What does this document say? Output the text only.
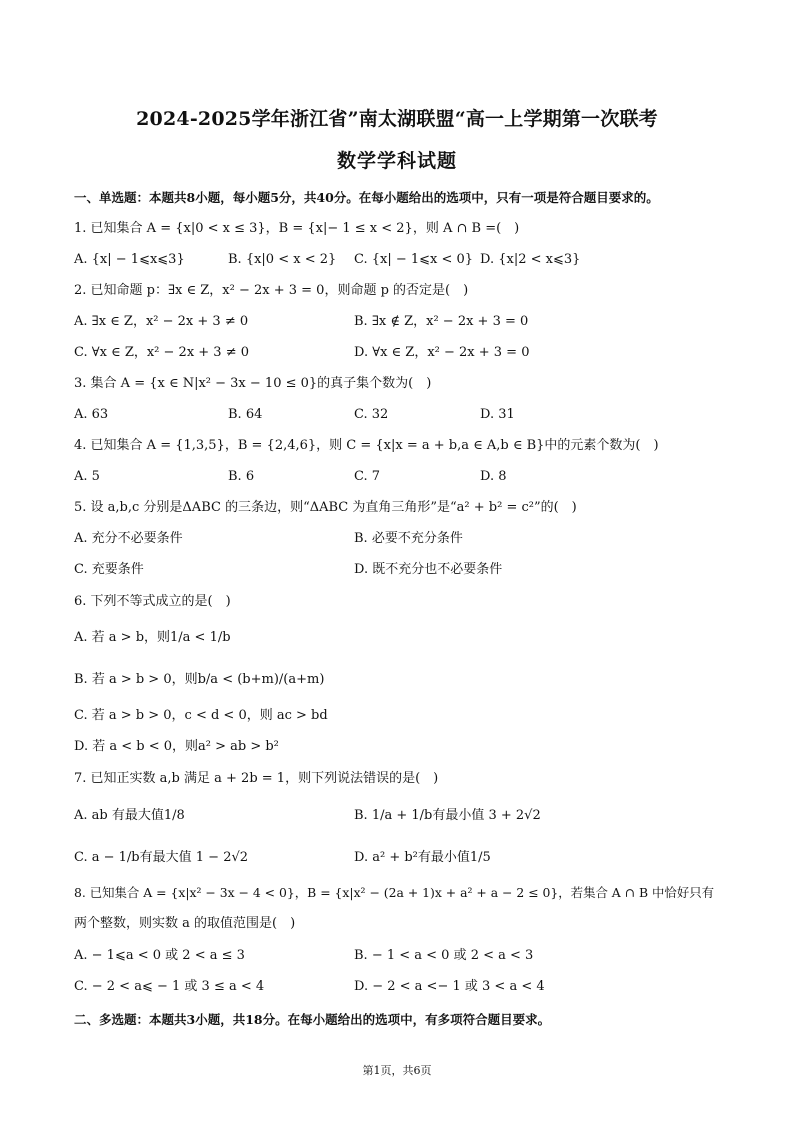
2024-2025学年浙江省”南太湖联盟“高一上学期第一次联考
数学学科试题
一、单选题：本题共8小题，每小题5分，共40分。在每小题给出的选项中，只有一项是符合题目要求的。
1. 已知集合 A = {x|0 < x ≤ 3}，B = {x|− 1 ≤ x < 2}，则 A ∩ B =(　)
A. {x| − 1⩽x⩽3}	B. {x|0 < x < 2} C. {x| − 1⩽x < 0} D. {x|2 < x⩽3}
2. 已知命题 p：∃x ∈ Z，x² − 2x + 3 = 0，则命题 p 的否定是(　)
A. ∃x ∈ Z，x² − 2x + 3 ≠ 0	B. ∃x ∉ Z，x² − 2x + 3 = 0
C. ∀x ∈ Z，x² − 2x + 3 ≠ 0	D. ∀x ∈ Z，x² − 2x + 3 = 0
3. 集合 A = {x ∈ N|x² − 3x − 10 ≤ 0}的真子集个数为(　)
A. 63	B. 64	C. 32	D. 31
4. 已知集合 A = {1,3,5}，B = {2,4,6}，则 C = {x|x = a + b,a ∈ A,b ∈ B}中的元素个数为(　)
A. 5	B. 6	C. 7	D. 8
5. 设 a,b,c 分别是ΔABC 的三条边，则“ΔABC 为直角三角形”是“a² + b² = c²”的(　)
A. 充分不必要条件	B. 必要不充分条件
C. 充要条件	D. 既不充分也不必要条件
6. 下列不等式成立的是(　)
A. 若 a > b，则1/a < 1/b
B. 若 a > b > 0，则b/a < (b+m)/(a+m)
C. 若 a > b > 0，c < d < 0，则 ac > bd
D. 若 a < b < 0，则a² > ab > b²
7. 已知正实数 a,b 满足 a + 2b = 1，则下列说法错误的是(　)
A. ab 有最大值1/8	B. 1/a + 1/b有最小值 3 + 2√2
C. a − 1/b有最大值 1 − 2√2	D. a² + b²有最小值1/5
8. 已知集合 A = {x|x² − 3x − 4 < 0}，B = {x|x² − (2a + 1)x + a² + a − 2 ≤ 0}，若集合 A ∩ B 中恰好只有
两个整数，则实数 a 的取值范围是(　)
A. − 1⩽a < 0 或 2 < a ≤ 3	B. − 1 < a < 0 或 2 < a < 3
C. − 2 < a⩽ − 1 或 3 ≤ a < 4	D. − 2 < a <− 1 或 3 < a < 4
二、多选题：本题共3小题，共18分。在每小题给出的选项中，有多项符合题目要求。
第1页，共6页
